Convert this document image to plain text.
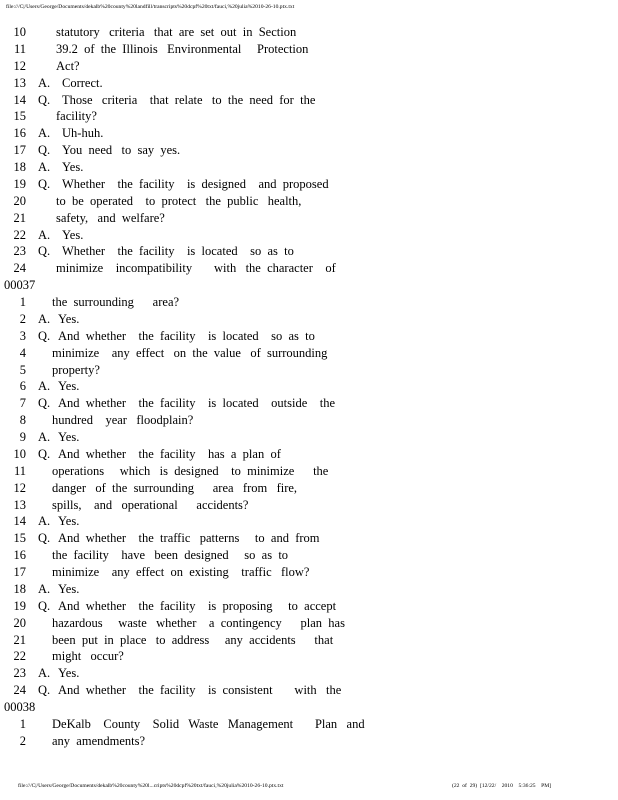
file:///C|/Users/George/Documents/dekalb%20county%20landfill/transcripts%20dcpf%20txt/fauci,%20julia%2010-26-10.ptx.txt
10 statutory   criteria   that  are  set  out  in  Section
11 39.2  of  the  Illinois   Environmental     Protection
12 Act?
13 A. Correct.
14 Q. Those   criteria    that  relate   to  the  need  for  the
15 facility?
16 A. Uh-huh.
17 Q. You  need   to  say  yes.
18 A. Yes.
19 Q. Whether    the  facility    is  designed    and  proposed
20 to  be  operated    to  protect   the  public   health,
21 safety,   and  welfare?
22 A. Yes.
23 Q. Whether    the  facility    is  located    so  as  to
24 minimize    incompatibility       with   the  character    of
00037
1 the  surrounding      area?
2 A. Yes.
3 Q. And  whether    the  facility    is  located    so  as  to
4 minimize    any  effect   on  the  value   of  surrounding
5 property?
6 A. Yes.
7 Q. And  whether    the  facility    is  located    outside    the
8 hundred    year   floodplain?
9 A. Yes.
10 Q. And  whether    the  facility    has  a  plan  of
11 operations     which   is  designed    to  minimize      the
12 danger   of  the  surrounding      area   from   fire,
13 spills,    and   operational      accidents?
14 A. Yes.
15 Q. And  whether    the  traffic   patterns     to  and  from
16 the  facility    have   been  designed     so  as  to
17 minimize    any  effect  on  existing    traffic   flow?
18 A. Yes.
19 Q. And  whether    the  facility    is  proposing     to  accept
20 hazardous     waste   whether    a  contingency      plan  has
21 been  put  in  place   to  address     any  accidents      that
22 might   occur?
23 A. Yes.
24 Q. And  whether    the  facility    is  consistent       with   the
00038
1 DeKalb    County    Solid   Waste   Management       Plan   and
2 any  amendments?
file:///C|/Users/George/Documents/dekalb%20county%20l...cripts%20dcpf%20txt/fauci,%20julia%2010-26-10.ptx.txt	(22  of  29)  [12/22/    2010    5:36:25    PM]
